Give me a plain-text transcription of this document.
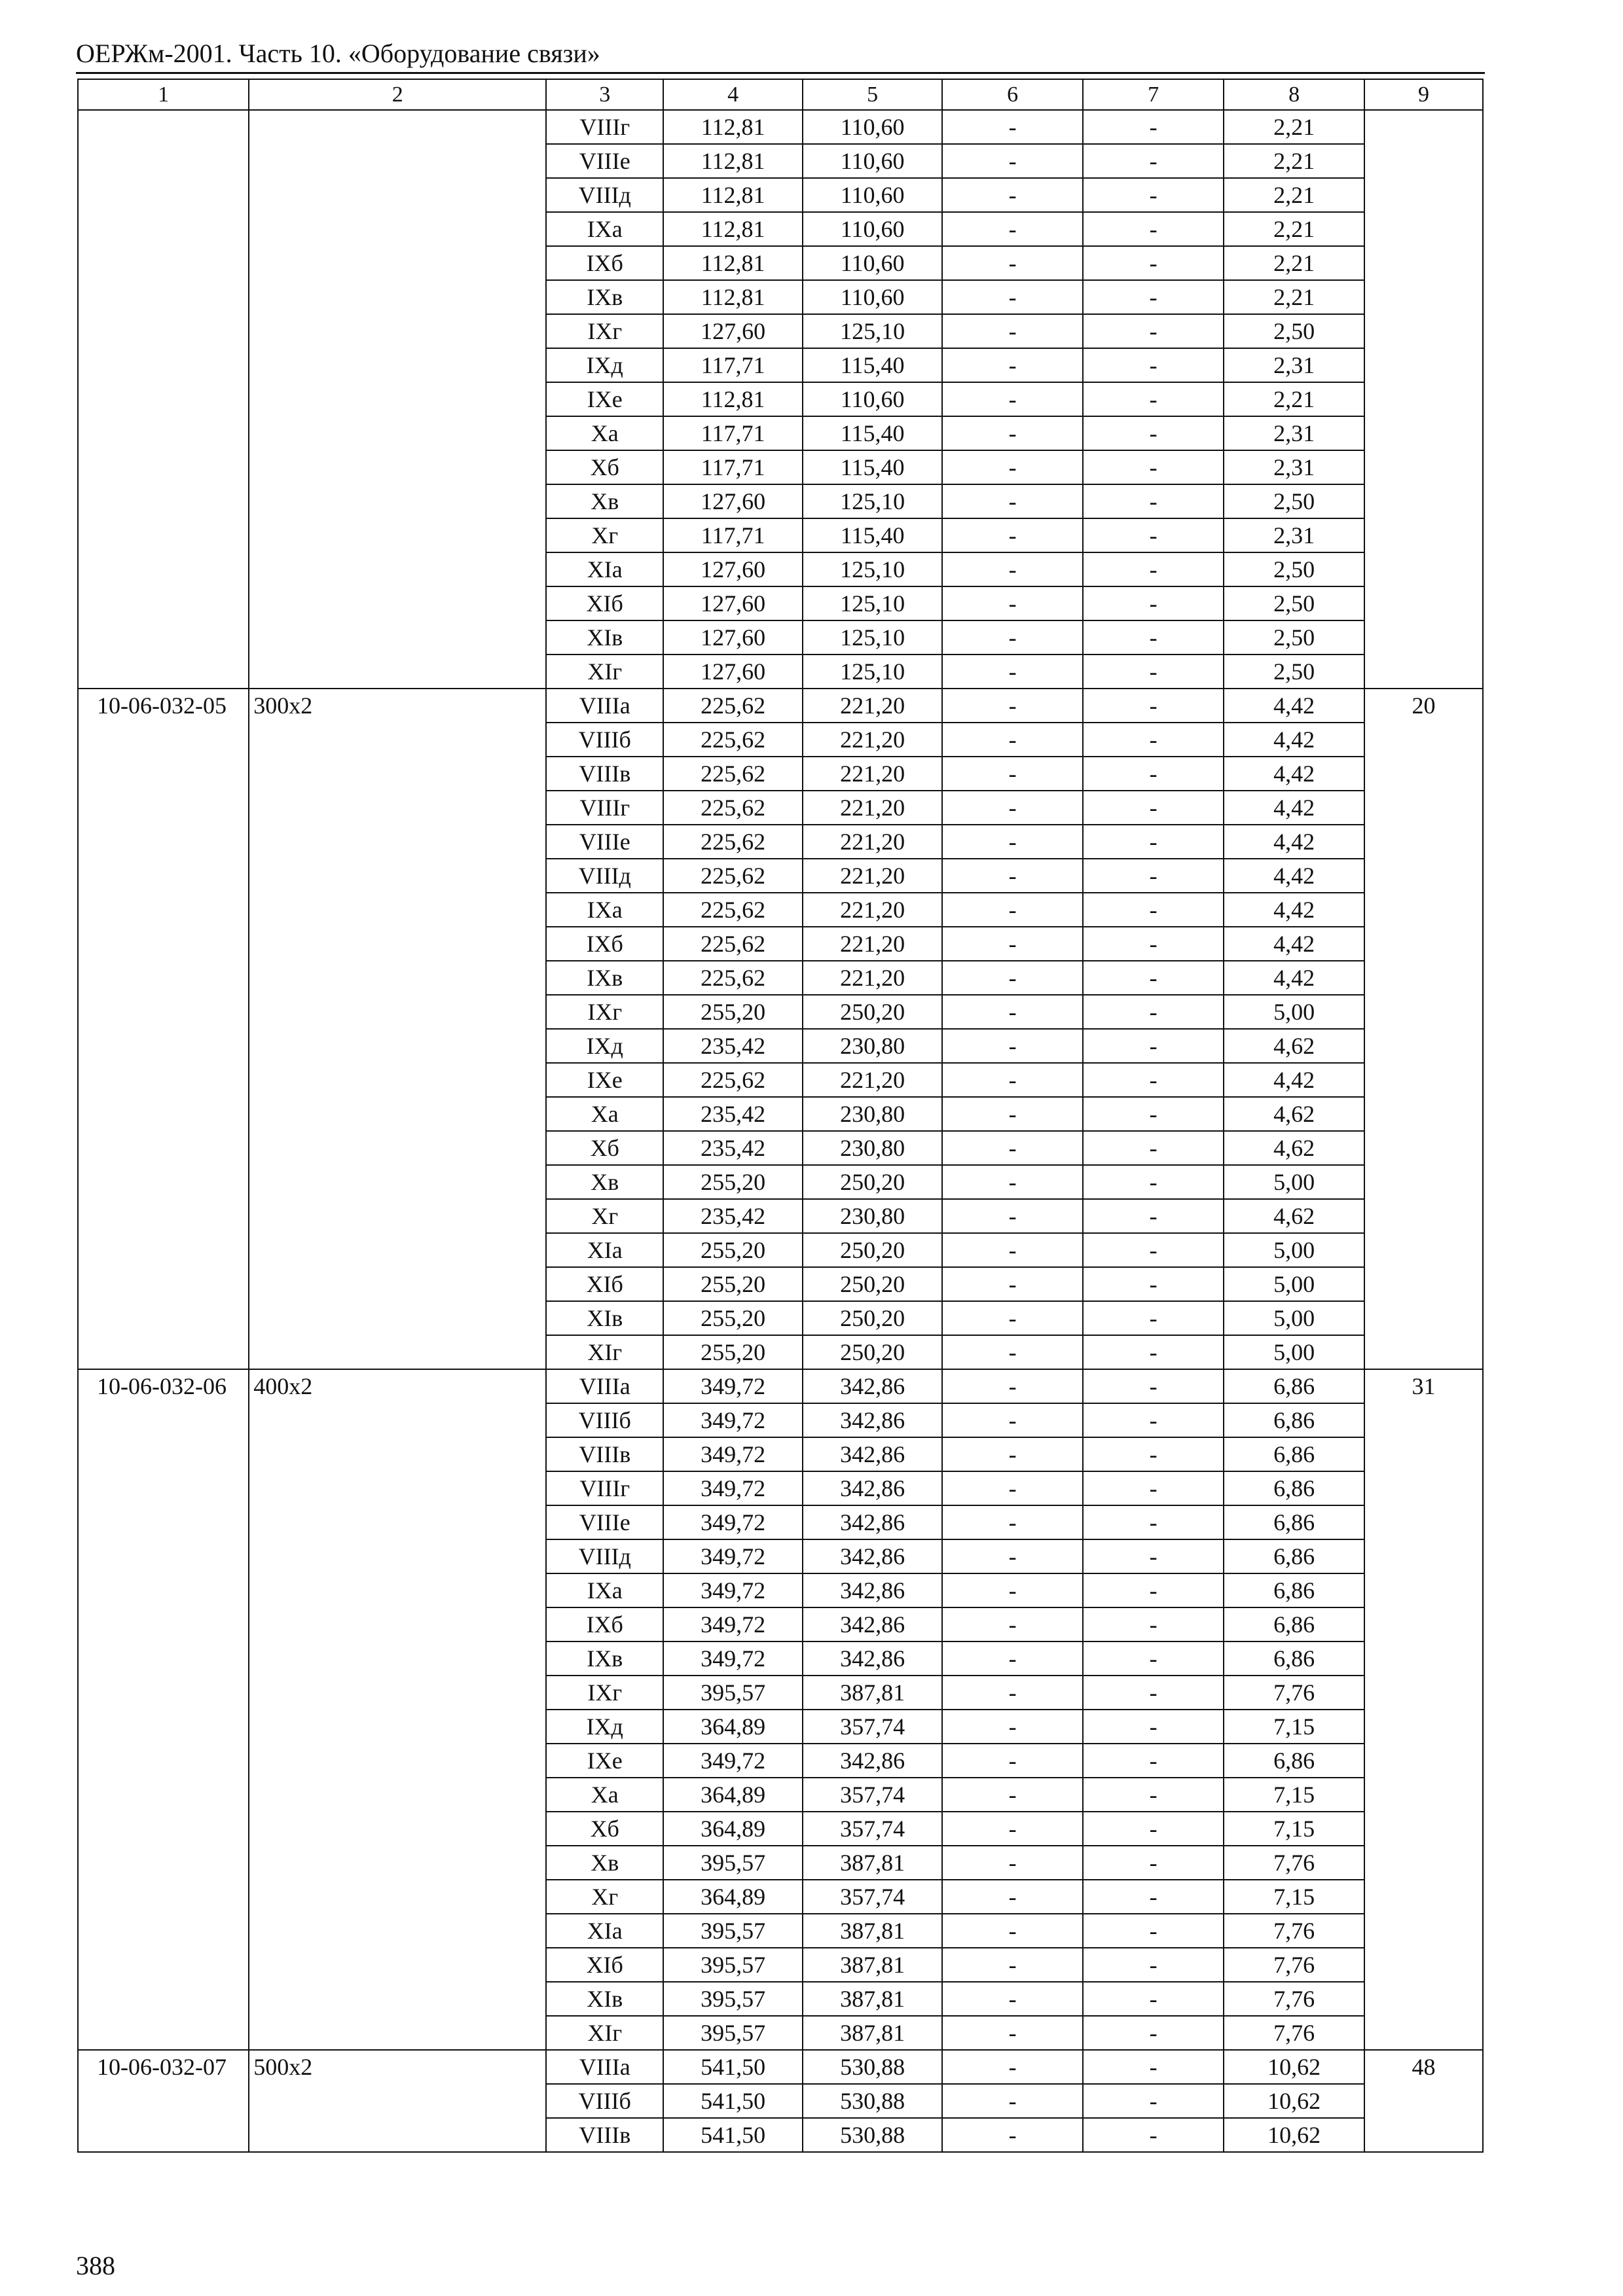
ОЕРЖм-2001. Часть 10. «Оборудование связи»
1	2	3	4	5	6	7	8	9
		VIIIг	112,81	110,60	-	-	2,21	
		VIIIе	112,81	110,60	-	-	2,21	
		VIIIд	112,81	110,60	-	-	2,21	
		IXа	112,81	110,60	-	-	2,21	
		IXб	112,81	110,60	-	-	2,21	
		IXв	112,81	110,60	-	-	2,21	
		IXг	127,60	125,10	-	-	2,50	
		IXд	117,71	115,40	-	-	2,31	
		IXе	112,81	110,60	-	-	2,21	
		Xа	117,71	115,40	-	-	2,31	
		Xб	117,71	115,40	-	-	2,31	
		Xв	127,60	125,10	-	-	2,50	
		Xг	117,71	115,40	-	-	2,31	
		XIа	127,60	125,10	-	-	2,50	
		XIб	127,60	125,10	-	-	2,50	
		XIв	127,60	125,10	-	-	2,50	
		XIг	127,60	125,10	-	-	2,50	
10-06-032-05	300x2	VIIIа	225,62	221,20	-	-	4,42	20
		VIIIб	225,62	221,20	-	-	4,42	
		VIIIв	225,62	221,20	-	-	4,42	
		VIIIг	225,62	221,20	-	-	4,42	
		VIIIе	225,62	221,20	-	-	4,42	
		VIIIд	225,62	221,20	-	-	4,42	
		IXа	225,62	221,20	-	-	4,42	
		IXб	225,62	221,20	-	-	4,42	
		IXв	225,62	221,20	-	-	4,42	
		IXг	255,20	250,20	-	-	5,00	
		IXд	235,42	230,80	-	-	4,62	
		IXе	225,62	221,20	-	-	4,42	
		Xа	235,42	230,80	-	-	4,62	
		Xб	235,42	230,80	-	-	4,62	
		Xв	255,20	250,20	-	-	5,00	
		Xг	235,42	230,80	-	-	4,62	
		XIа	255,20	250,20	-	-	5,00	
		XIб	255,20	250,20	-	-	5,00	
		XIв	255,20	250,20	-	-	5,00	
		XIг	255,20	250,20	-	-	5,00	
10-06-032-06	400x2	VIIIа	349,72	342,86	-	-	6,86	31
		VIIIб	349,72	342,86	-	-	6,86	
		VIIIв	349,72	342,86	-	-	6,86	
		VIIIг	349,72	342,86	-	-	6,86	
		VIIIе	349,72	342,86	-	-	6,86	
		VIIIд	349,72	342,86	-	-	6,86	
		IXа	349,72	342,86	-	-	6,86	
		IXб	349,72	342,86	-	-	6,86	
		IXв	349,72	342,86	-	-	6,86	
		IXг	395,57	387,81	-	-	7,76	
		IXд	364,89	357,74	-	-	7,15	
		IXе	349,72	342,86	-	-	6,86	
		Xа	364,89	357,74	-	-	7,15	
		Xб	364,89	357,74	-	-	7,15	
		Xв	395,57	387,81	-	-	7,76	
		Xг	364,89	357,74	-	-	7,15	
		XIа	395,57	387,81	-	-	7,76	
		XIб	395,57	387,81	-	-	7,76	
		XIв	395,57	387,81	-	-	7,76	
		XIг	395,57	387,81	-	-	7,76	
10-06-032-07	500x2	VIIIа	541,50	530,88	-	-	10,62	48
		VIIIб	541,50	530,88	-	-	10,62	
		VIIIв	541,50	530,88	-	-	10,62	
388
